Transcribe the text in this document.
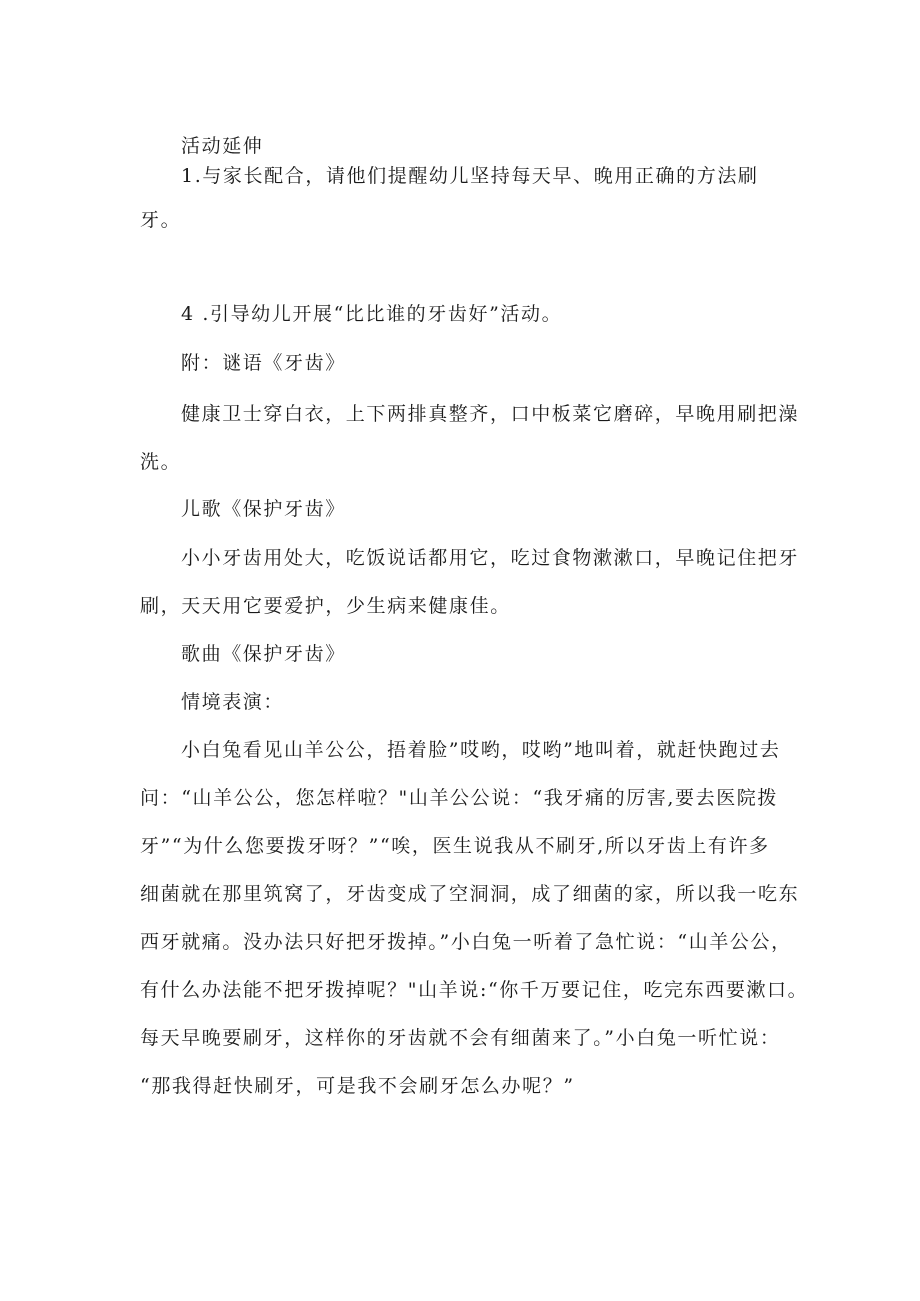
活动延伸
1.与家长配合，请他们提醒幼儿坚持每天早、晚用正确的方法刷
牙。
4 .引导幼儿开展“比比谁的牙齿好”活动。
附：谜语《牙齿》
健康卫士穿白衣，上下两排真整齐，口中板菜它磨碎，早晚用刷把澡
洗。
儿歌《保护牙齿》
小小牙齿用处大，吃饭说话都用它，吃过食物漱漱口，早晚记住把牙
刷，天天用它要爱护，少生病来健康佳。
歌曲《保护牙齿》
情境表演：
小白兔看见山羊公公，捂着脸”哎哟，哎哟”地叫着，就赶快跑过去
问：“山羊公公，您怎样啦？"山羊公公说：“我牙痛的厉害,要去医院拨
牙”“为什么您要拨牙呀？”“唉，医生说我从不刷牙,所以牙齿上有许多
细菌就在那里筑窝了，牙齿变成了空洞洞，成了细菌的家，所以我一吃东
西牙就痛。没办法只好把牙拨掉。”小白兔一听着了急忙说：“山羊公公，
有什么办法能不把牙拨掉呢？"山羊说:“你千万要记住，吃完东西要漱口。
每天早晚要刷牙，这样你的牙齿就不会有细菌来了。”小白兔一听忙说：
“那我得赶快刷牙，可是我不会刷牙怎么办呢？”
